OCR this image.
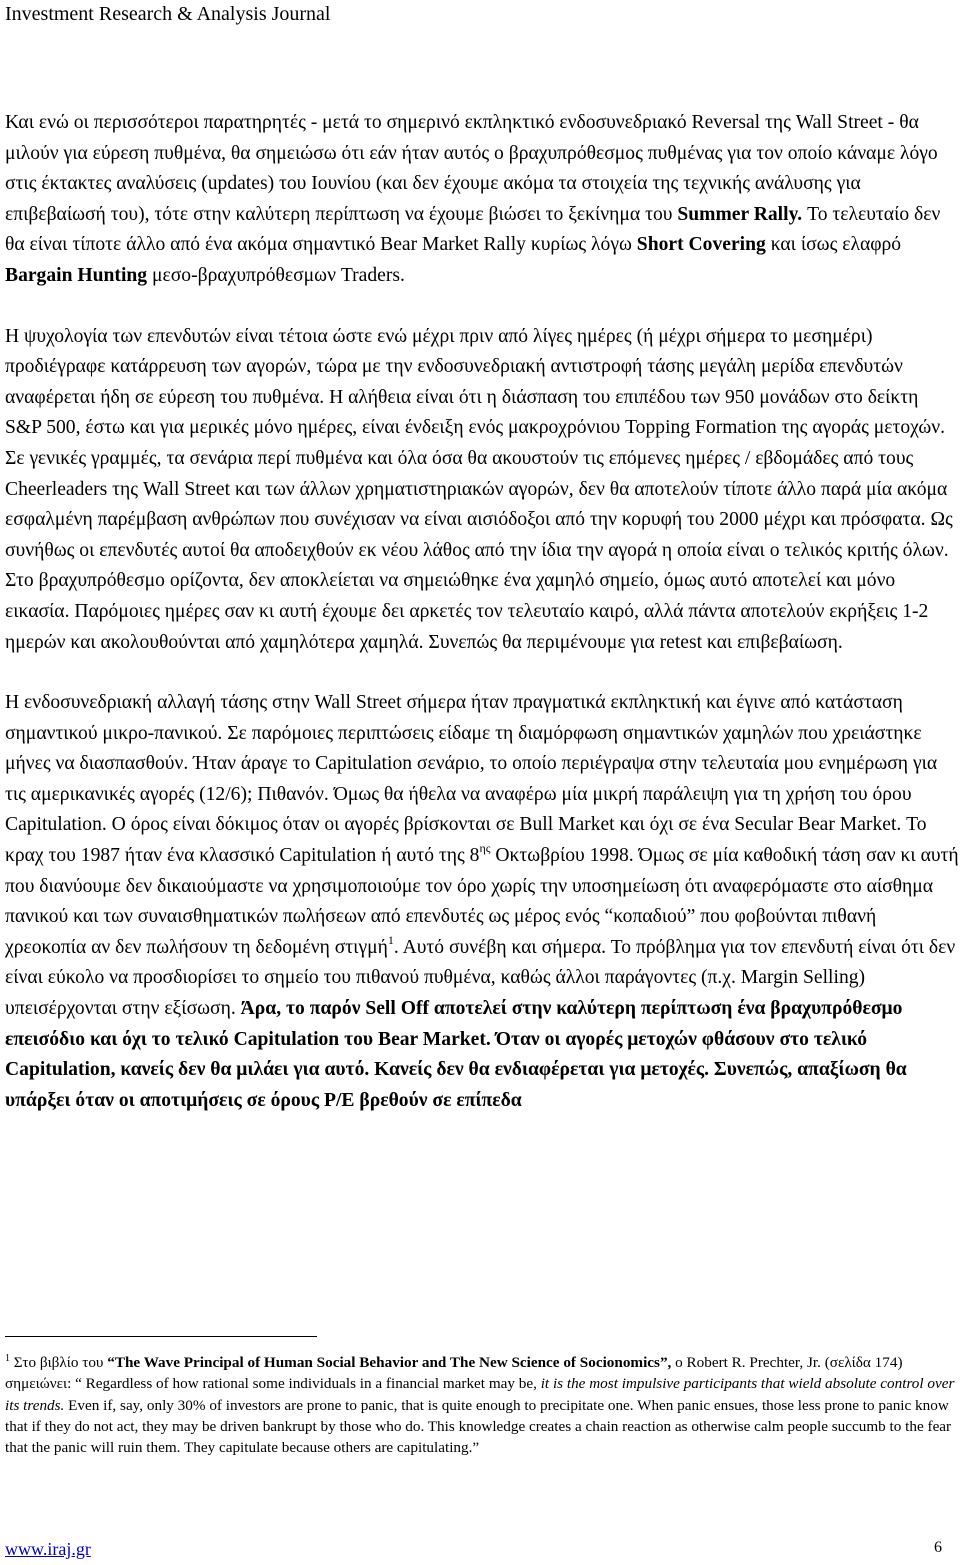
Investment Research & Analysis Journal

Και ενώ οι περισσότεροι παρατηρητές - μετά το σημερινό εκπληκτικό ενδοσυνεδριακό Reversal της Wall Street - θα μιλούν για εύρεση πυθμένα, θα σημειώσω ότι εάν ήταν αυτός ο βραχυπρόθεσμος πυθμένας για τον οποίο κάναμε λόγο στις έκτακτες αναλύσεις (updates) του Ιουνίου (και δεν έχουμε ακόμα τα στοιχεία της τεχνικής ανάλυσης για επιβεβαίωσή του), τότε στην καλύτερη περίπτωση να έχουμε βιώσει το ξεκίνημα του Summer Rally. Το τελευταίο δεν θα είναι τίποτε άλλο από ένα ακόμα σημαντικό Bear Market Rally κυρίως λόγω Short Covering και ίσως ελαφρό Bargain Hunting μεσο-βραχυπρόθεσμων Traders.

Η ψυχολογία των επενδυτών είναι τέτοια ώστε ενώ μέχρι πριν από λίγες ημέρες (ή μέχρι σήμερα το μεσημέρι) προδιέγραφε κατάρρευση των αγορών, τώρα με την ενδοσυνεδριακή αντιστροφή τάσης μεγάλη μερίδα επενδυτών αναφέρεται ήδη σε εύρεση του πυθμένα. Η αλήθεια είναι ότι η διάσπαση του επιπέδου των 950 μονάδων στο δείκτη S&P 500, έστω και για μερικές μόνο ημέρες, είναι ένδειξη ενός μακροχρόνιου Topping Formation της αγοράς μετοχών. Σε γενικές γραμμές, τα σενάρια περί πυθμένα και όλα όσα θα ακουστούν τις επόμενες ημέρες / εβδομάδες από τους Cheerleaders της Wall Street και των άλλων χρηματιστηριακών αγορών, δεν θα αποτελούν τίποτε άλλο παρά μία ακόμα εσφαλμένη παρέμβαση ανθρώπων που συνέχισαν να είναι αισιόδοξοι από την κορυφή του 2000 μέχρι και πρόσφατα. Ως συνήθως οι επενδυτές αυτοί θα αποδειχθούν εκ νέου λάθος από την ίδια την αγορά η οποία είναι ο τελικός κριτής όλων. Στο βραχυπρόθεσμο ορίζοντα, δεν αποκλείεται να σημειώθηκε ένα χαμηλό σημείο, όμως αυτό αποτελεί και μόνο εικασία. Παρόμοιες ημέρες σαν κι αυτή έχουμε δει αρκετές τον τελευταίο καιρό, αλλά πάντα αποτελούν εκρήξεις 1-2 ημερών και ακολουθούνται από χαμηλότερα χαμηλά. Συνεπώς θα περιμένουμε για retest και επιβεβαίωση.

Η ενδοσυνεδριακή αλλαγή τάσης στην Wall Street σήμερα ήταν πραγματικά εκπληκτική και έγινε από κατάσταση σημαντικού μικρο-πανικού. Σε παρόμοιες περιπτώσεις είδαμε τη διαμόρφωση σημαντικών χαμηλών που χρειάστηκε μήνες να διασπασθούν. Ήταν άραγε το Capitulation σενάριο, το οποίο περιέγραψα στην τελευταία μου ενημέρωση για τις αμερικανικές αγορές (12/6); Πιθανόν. Όμως θα ήθελα να αναφέρω μία μικρή παράλειψη για τη χρήση του όρου Capitulation. Ο όρος είναι δόκιμος όταν οι αγορές βρίσκονται σε Bull Market και όχι σε ένα Secular Bear Market. Το κραχ του 1987 ήταν ένα κλασσικό Capitulation ή αυτό της $8^{\eta\varsigma}$ Οκτωβρίου 1998. Όμως σε μία καθοδική τάση σαν κι αυτή που διανύουμε δεν δικαιούμαστε να χρησιμοποιούμε τον όρο χωρίς την υποσημείωση ότι αναφερόμαστε στο αίσθημα πανικού και των συναισθηματικών πωλήσεων από επενδυτές ως μέρος ενός “κοπαδιού” που φοβούνται πιθανή χρεοκοπία αν δεν πωλήσουν τη δεδομένη στιγμή$^1$. Αυτό συνέβη και σήμερα. Το πρόβλημα για τον επενδυτή είναι ότι δεν είναι εύκολο να προσδιορίσει το σημείο του πιθανού πυθμένα, καθώς άλλοι παράγοντες (π.χ. Margin Selling) υπεισέρχονται στην εξίσωση. Άρα, το παρόν Sell Off αποτελεί στην καλύτερη περίπτωση ένα βραχυπρόθεσμο επεισόδιο και όχι το τελικό Capitulation του Bear Market. Όταν οι αγορές μετοχών φθάσουν στο τελικό Capitulation, κανείς δεν θα μιλάει για αυτό. Κανείς δεν θα ενδιαφέρεται για μετοχές. Συνεπώς, απαξίωση θα υπάρξει όταν οι αποτιμήσεις σε όρους P/E βρεθούν σε επίπεδα

$^1$ Στο βιβλίο του “The Wave Principal of Human Social Behavior and The New Science of Socionomics”, ο Robert R. Prechter, Jr. (σελίδα 174) σημειώνει: “ Regardless of how rational some individuals in a financial market may be, it is the most impulsive participants that wield absolute control over its trends. Even if, say, only 30% of investors are prone to panic, that is quite enough to precipitate one. When panic ensues, those less prone to panic know that if they do not act, they may be driven bankrupt by those who do. This knowledge creates a chain reaction as otherwise calm people succumb to the fear that the panic will ruin them. They capitulate because others are capitulating.”
www.iraj.gr	6
